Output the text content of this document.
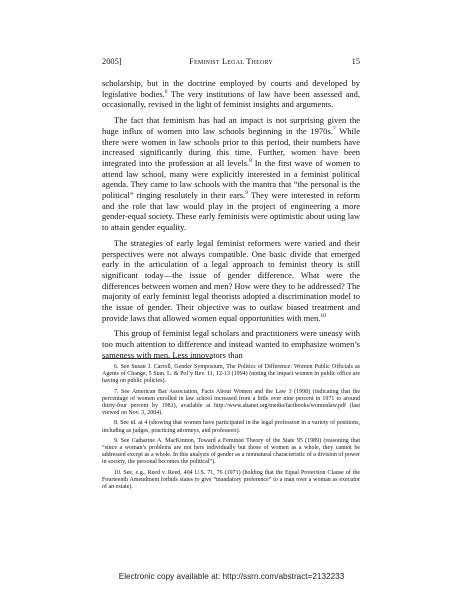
2005]	Feminist Legal Theory	15

scholarship, but in the doctrine employed by courts and developed by legislative bodies.$^6$ The very institutions of law have been assessed and, occasionally, revised in the light of feminist insights and arguments.

The fact that feminism has had an impact is not surprising given the huge influx of women into law schools beginning in the 1970s.$^7$ While there were women in law schools prior to this period, their numbers have increased significantly during this time. Further, women have been integrated into the profession at all levels.$^8$ In the first wave of women to attend law school, many were explicitly interested in a feminist political agenda. They came to law schools with the mantra that “the personal is the political” ringing resolutely in their ears.$^9$ They were interested in reform and the role that law would play in the project of engineering a more gender-equal society. These early feminists were optimistic about using law to attain gender equality.

The strategies of early legal feminist reformers were varied and their perspectives were not always compatible. One basic divide that emerged early in the articulation of a legal approach to feminist theory is still significant today—the issue of gender difference. What were the differences between women and men? How were they to be addressed? The majority of early feminist legal theorists adopted a discrimination model to the issue of gender. Their objective was to outlaw biased treatment and provide laws that allowed women equal opportunities with men.$^{10}$

This group of feminist legal scholars and practitioners were uneasy with too much attention to difference and instead wanted to emphasize women’s sameness with men. Less innovators than

6. See Susan J. Carroll, Gender Symposium, The Politics of Difference: Women Public Officials as Agents of Change, 5 Stan. L. & Pol’y Rev. 11, 12-13 (1994) (noting the impact women in public office are having on public policies).

7. See American Bar Association, Facts About Women and the Law 3 (1998) (indicating that the percentage of women enrolled in law school increased from a little over nine percent in 1971 to around thirty-four percent by 1981), available at http://www.abanet.org/media/factbooks/womenlaw.pdf (last viewed on Nov. 3, 2004).

8. See id. at 4 (showing that women have participated in the legal profession in a variety of positions, including as judges, practicing attorneys, and professors).

9. See Catharine A. MacKinnon, Toward a Feminist Theory of the State 95 (1989) (reasoning that “since a woman’s problems are not hers individually but those of women as a whole, they cannot be addressed except as a whole. In this analysis of gender as a nonnatural characteristic of a division of power in society, the personal becomes the political”).

10. See, e.g., Reed v. Reed, 404 U.S. 71, 76 (1971) (holding that the Equal Protection Clause of the Fourteenth Amendment forbids states to give “mandatory preference” to a man over a woman as executor of an estate).

Electronic copy available at: http://ssrn.com/abstract=2132233
